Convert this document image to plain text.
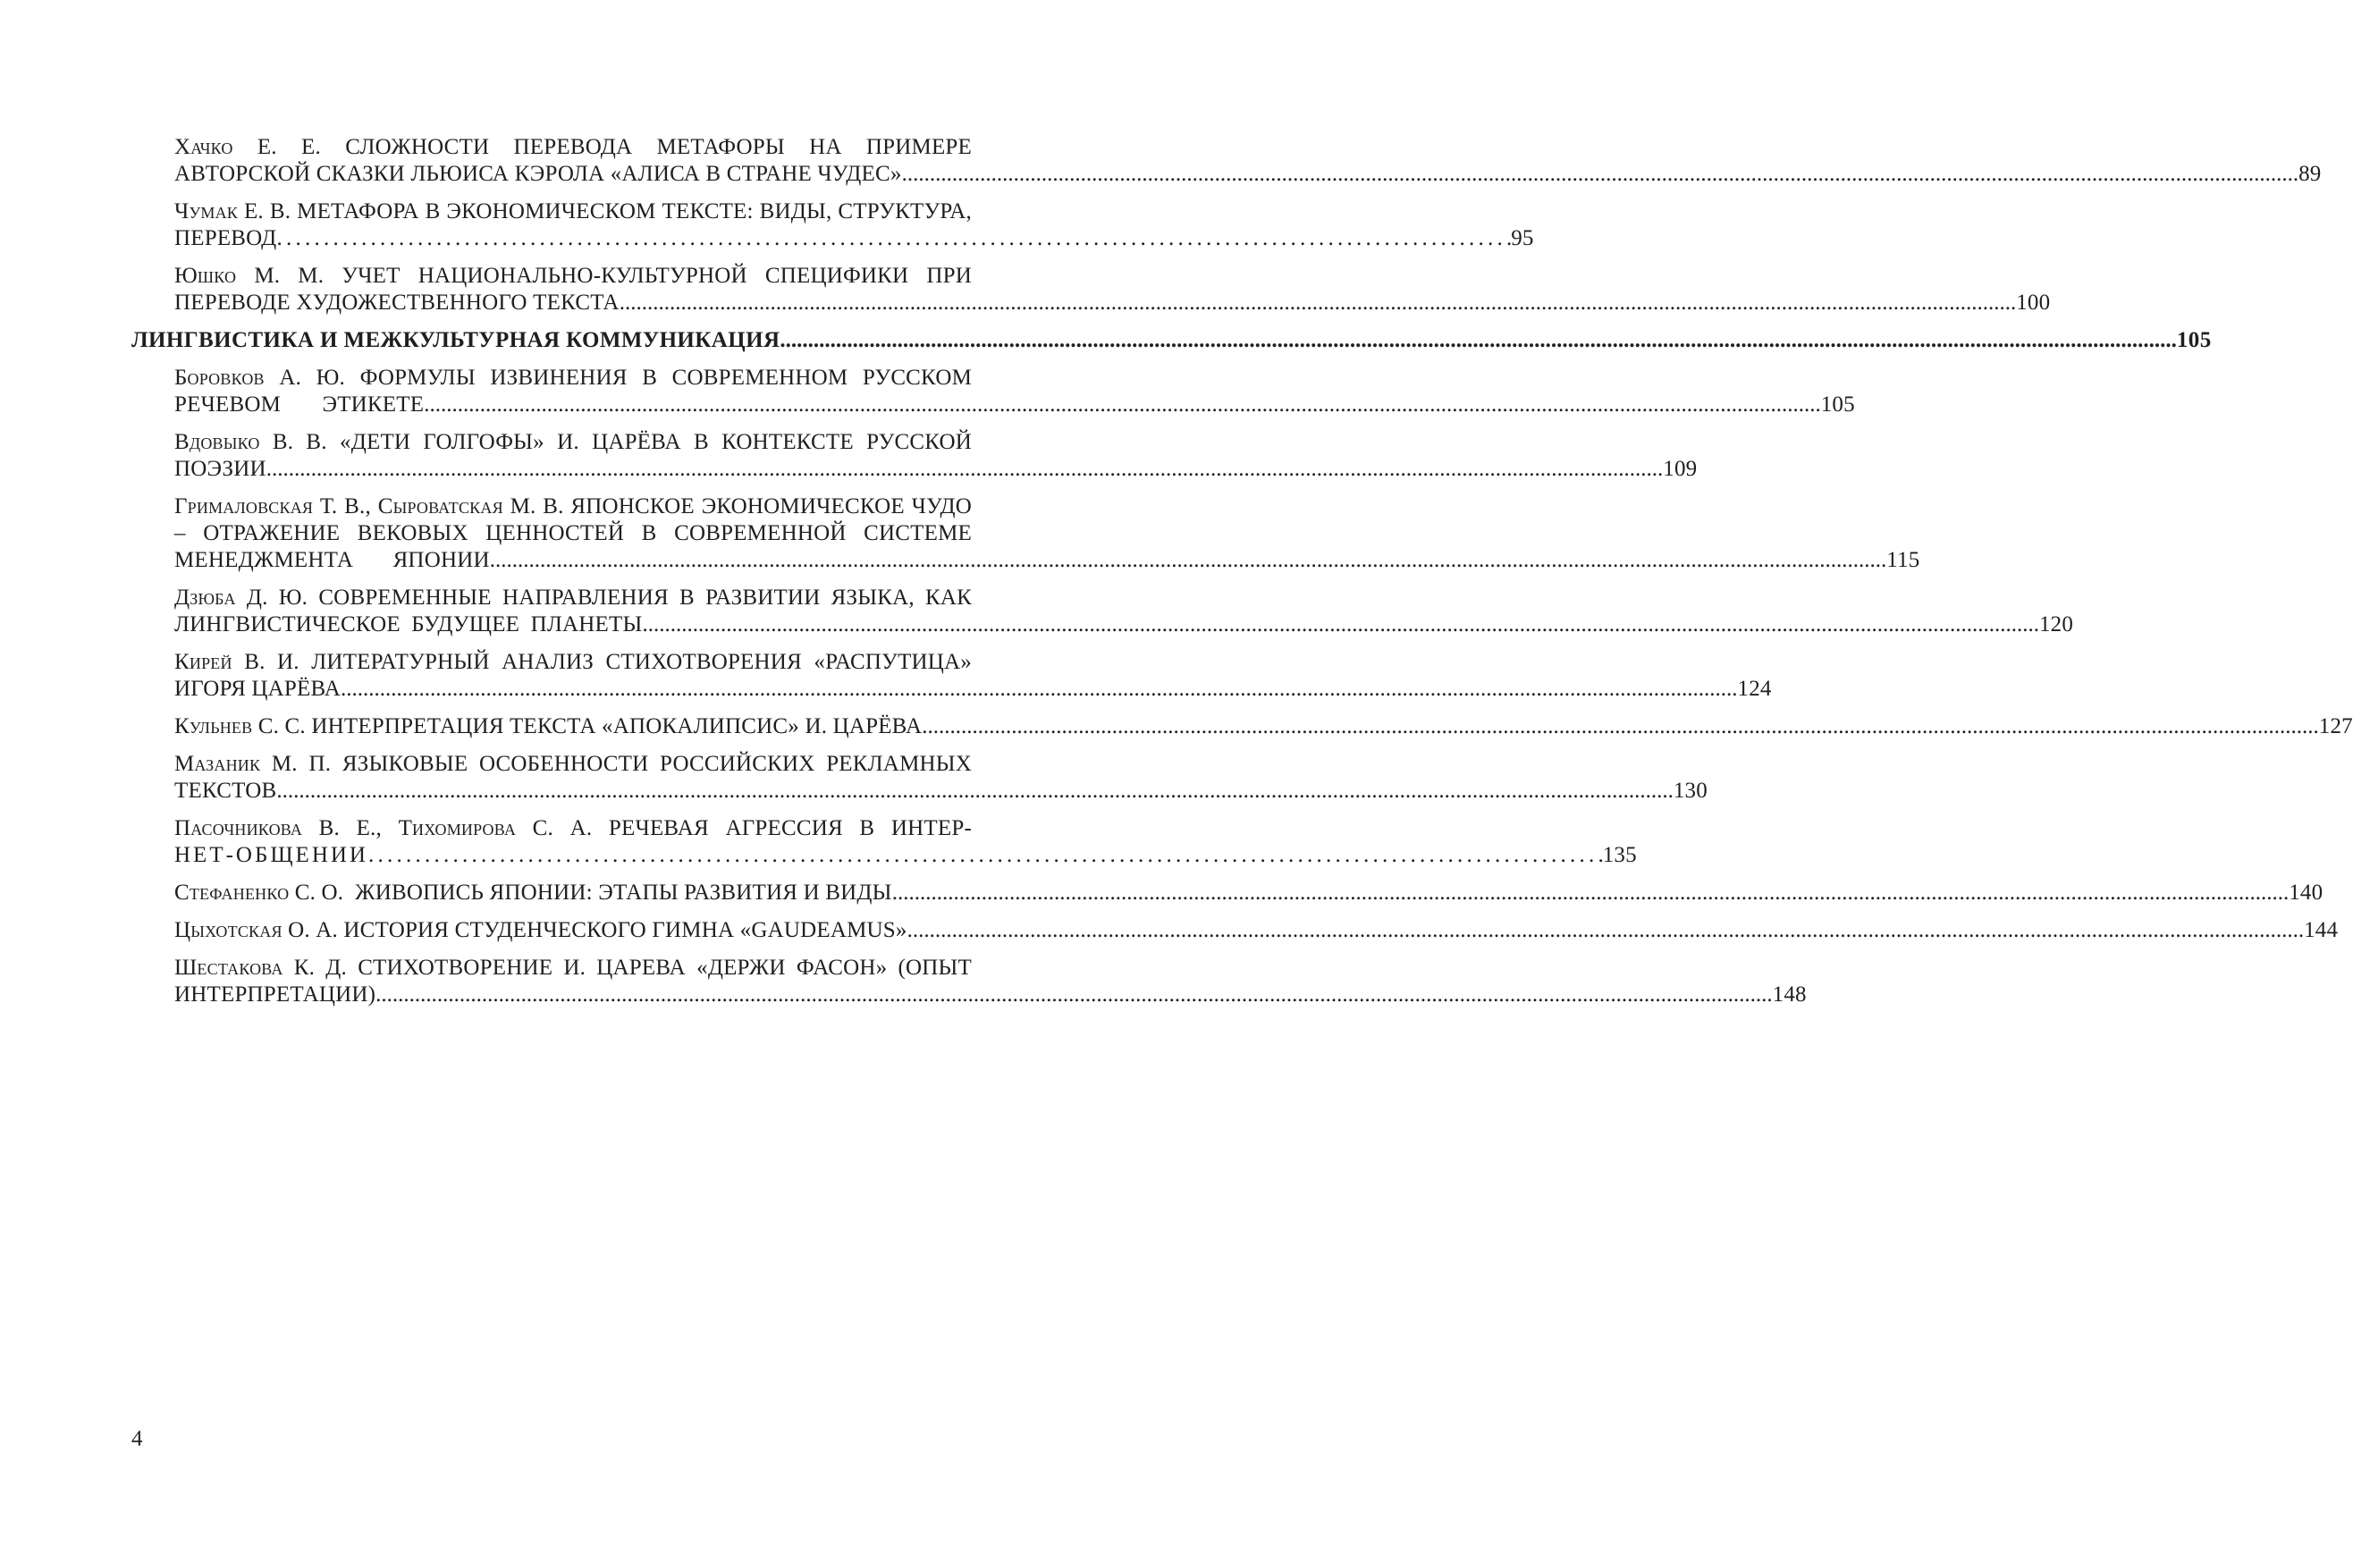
Хачко Е. Е. СЛОЖНОСТИ ПЕРЕВОДА МЕТАФОРЫ НА ПРИМЕРЕ
АВТОРСКОЙ СКАЗКИ ЛЬЮИСА КЭРОЛА «АЛИСА В СТРАНЕ ЧУДЕС» .....	89
Чумак Е. В. МЕТАФОРА В ЭКОНОМИЧЕСКОМ ТЕКСТЕ: ВИДЫ, СТРУКТУРА,
ПЕРЕВОД . . .	95
Юшко М. М. УЧЕТ НАЦИОНАЛЬНО-КУЛЬТУРНОЙ СПЕЦИФИКИ ПРИ
ПЕРЕВОДЕ ХУДОЖЕСТВЕННОГО ТЕКСТА .....	100
ЛИНГВИСТИКА И МЕЖКУЛЬТУРНАЯ КОММУНИКАЦИЯ .....	105
Боровков А. Ю. ФОРМУЛЫ ИЗВИНЕНИЯ В СОВРЕМЕННОМ РУССКОМ
РЕЧЕВОМ ЭТИКЕТЕ .....	105
Вдовыко В. В. «ДЕТИ ГОЛГОФЫ» И. ЦАРЁВА В КОНТЕКСТЕ РУССКОЙ
ПОЭЗИИ .....	109
Грималовская Т. В., Сыроватская М. В. ЯПОНСКОЕ ЭКОНОМИЧЕСКОЕ ЧУДО
– ОТРАЖЕНИЕ ВЕКОВЫХ ЦЕННОСТЕЙ В СОВРЕМЕННОЙ СИСТЕМЕ
МЕНЕДЖМЕНТА ЯПОНИИ .....	115
Дзюба Д. Ю. СОВРЕМЕННЫЕ НАПРАВЛЕНИЯ В РАЗВИТИИ ЯЗЫКА, КАК
ЛИНГВИСТИЧЕСКОЕ БУДУЩЕЕ ПЛАНЕТЫ .....	120
Кирей В. И. ЛИТЕРАТУРНЫЙ АНАЛИЗ СТИХОТВОРЕНИЯ «РАСПУТИЦА»
ИГОРЯ ЦАРЁВА .....	124
Кульнев С. С.
ИНТЕРПРЕТАЦИЯ ТЕКСТА «АПОКАЛИПСИС» И. ЦАРЁВА .....	127
Мазаник М. П. ЯЗЫКОВЫЕ ОСОБЕННОСТИ РОССИЙСКИХ РЕКЛАМНЫХ
ТЕКСТОВ .....	130
Пасочникова В. Е., Тихомирова С. А. РЕЧЕВАЯ АГРЕССИЯ В ИНТЕР-
НЕТ-ОБЩЕНИИ . . .	135
Стефаненко С. О.
ЖИВОПИСЬ ЯПОНИИ: ЭТАПЫ РАЗВИТИЯ И ВИДЫ .....	140
Цыхотская О. А.
ИСТОРИЯ СТУДЕНЧЕСКОГО ГИМНА «GAUDEAMUS» .....	144
Шестакова К. Д. СТИХОТВОРЕНИЕ И. ЦАРЕВА «ДЕРЖИ ФАСОН» (ОПЫТ
ИНТЕРПРЕТАЦИИ) .....	148
4
